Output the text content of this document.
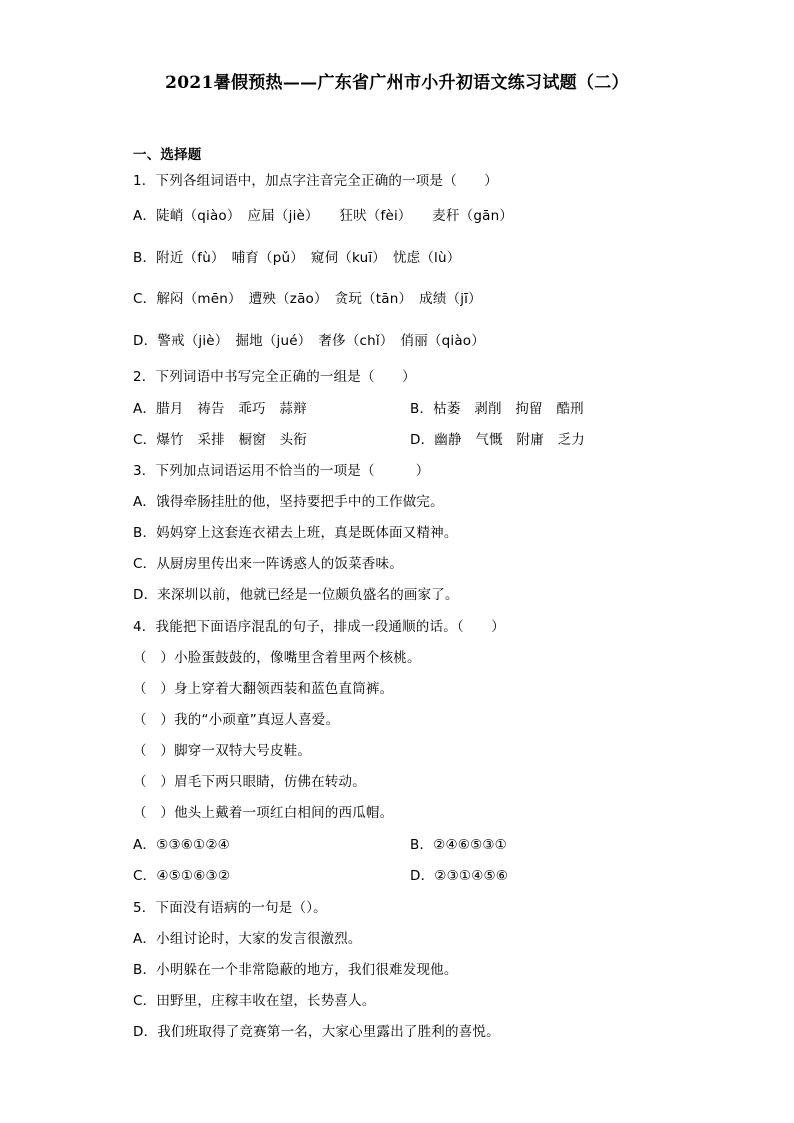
2021暑假预热——广东省广州市小升初语文练习试题（二）
一、选择题
1．下列各组词语中，加点字注音完全正确的一项是（　　）
A．陡峭（qiào）　应届（jiè）　　狂吠（fèi）　　麦秆（gān）
B．附近（fù）　哺育（pǔ）　窥伺（kuī）　忧虑（lù）
C．解闷（mēn）　遭殃（zāo）　贪玩（tān）　成绩（jī）
D．警戒（jiè）　掘地（jué）　奢侈（chǐ）　俏丽（qiào）
2．下列词语中书写完全正确的一组是（　　）
A．腊月　祷告　乖巧　蒜辩	B．枯萎　剥削　拘留　酷刑
C．爆竹　采排　橱窗　头衔	D．幽静　气慨　附庸　乏力
3．下列加点词语运用不恰当的一项是（　　　）
A．饿得牵肠挂肚的他，坚持要把手中的工作做完。
B．妈妈穿上这套连衣裙去上班，真是既体面又精神。
C．从厨房里传出来一阵诱惑人的饭菜香味。
D．来深圳以前，他就已经是一位颇负盛名的画家了。
4．我能把下面语序混乱的句子，排成一段通顺的话。（　　）
（　）小脸蛋鼓鼓的，像嘴里含着里两个核桃。
（　）身上穿着大翻领西装和蓝色直筒裤。
（　）我的“小顽童”真逗人喜爱。
（　）脚穿一双特大号皮鞋。
（　）眉毛下两只眼睛，仿佛在转动。
（　）他头上戴着一项红白相间的西瓜帽。
A．⑤③⑥①②④	B．②④⑥⑤③①
C．④⑤①⑥③②	D．②③①④⑤⑥
5．下面没有语病的一句是（）。
A．小组讨论时，大家的发言很激烈。
B．小明躲在一个非常隐蔽的地方，我们很难发现他。
C．田野里，庄稼丰收在望，长势喜人。
D．我们班取得了竞赛第一名，大家心里露出了胜利的喜悦。
